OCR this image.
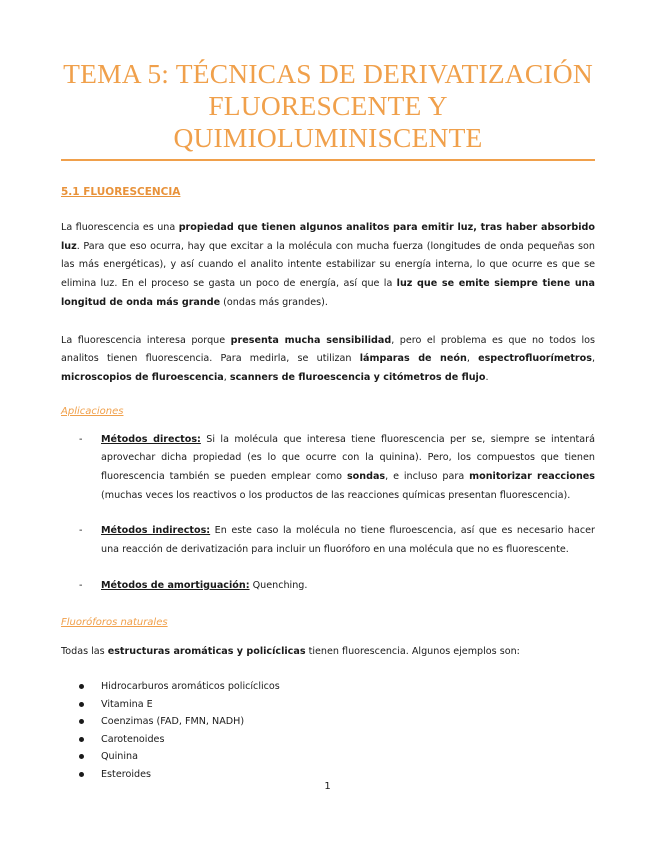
TEMA 5: TÉCNICAS DE DERIVATIZACIÓN
FLUORESCENTE Y
QUIMIOLUMINISCENTE
5.1 FLUORESCENCIA

La fluorescencia es una propiedad que tienen algunos analitos para emitir luz, tras haber absorbido luz. Para que eso ocurra, hay que excitar a la molécula con mucha fuerza (longitudes de onda pequeñas son las más energéticas), y así cuando el analito intente estabilizar su energía interna, lo que ocurre es que se elimina luz. En el proceso se gasta un poco de energía, así que la luz que se emite siempre tiene una longitud de onda más grande (ondas más grandes).

La fluorescencia interesa porque presenta mucha sensibilidad, pero el problema es que no todos los analitos tienen fluorescencia. Para medirla, se utilizan lámparas de neón, espectrofluorímetros, microscopios de fluroescencia, scanners de fluroescencia y citómetros de flujo.

Aplicaciones
- Métodos directos: Si la molécula que interesa tiene fluorescencia per se, siempre se intentará aprovechar dicha propiedad (es lo que ocurre con la quinina). Pero, los compuestos que tienen fluorescencia también se pueden emplear como sondas, e incluso para monitorizar reacciones (muchas veces los reactivos o los productos de las reacciones químicas presentan fluorescencia).

- Métodos indirectos: En este caso la molécula no tiene fluroescencia, así que es necesario hacer una reacción de derivatización para incluir un fluoróforo en una molécula que no es fluorescente.

- Métodos de amortiguación: Quenching.

Fluoróforos naturales

Todas las estructuras aromáticas y policíclicas tienen fluorescencia. Algunos ejemplos son:

Hidrocarburos aromáticos policíclicos
Vitamina E
Coenzimas (FAD, FMN, NADH)
Carotenoides
Quinina
Esteroides
1
